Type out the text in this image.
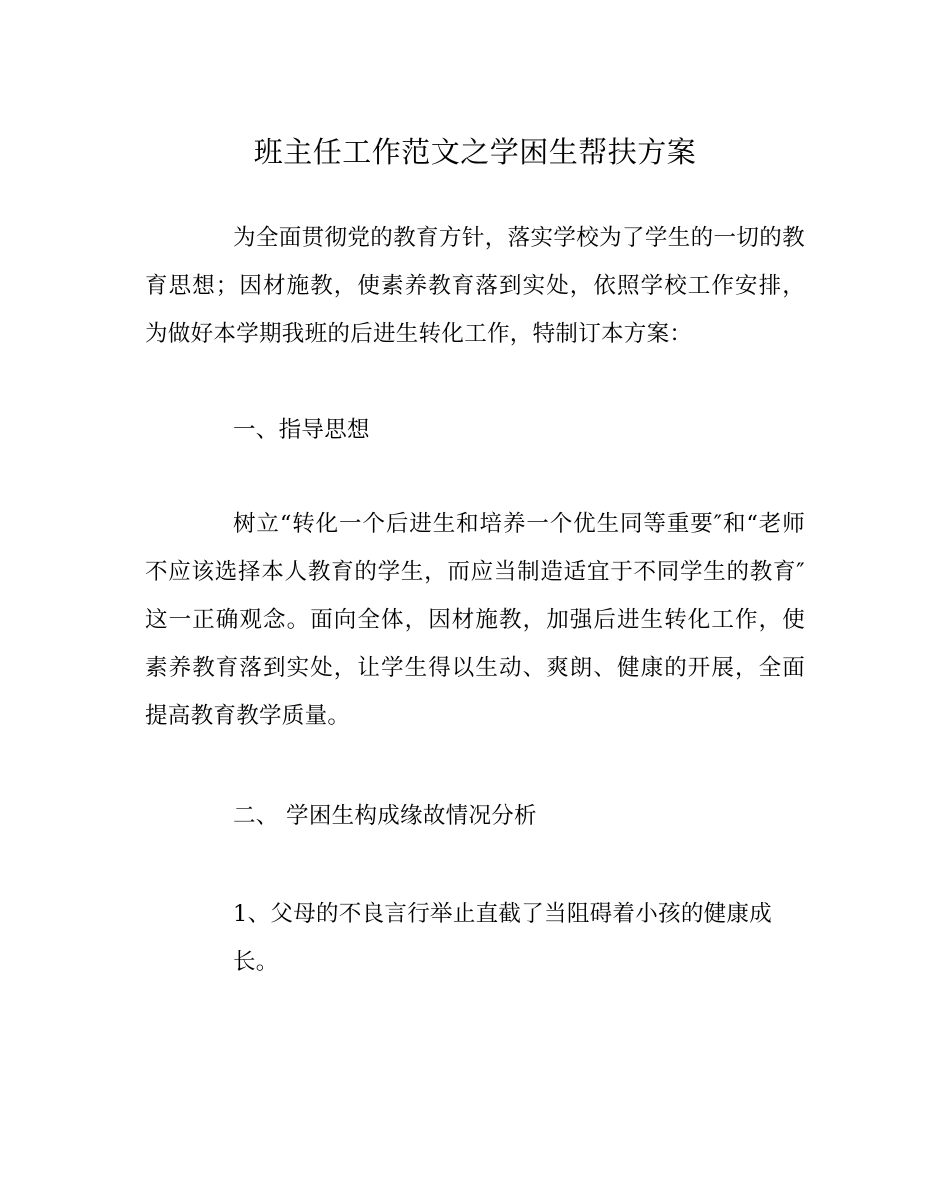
班主任工作范文之学困生帮扶方案

为全面贯彻党的教育方针，落实学校为了学生的一切的教育思想；因材施教，使素养教育落到实处，依照学校工作安排，为做好本学期我班的后进生转化工作，特制订本方案：

一、指导思想

树立“转化一个后进生和培养一个优生同等重要″和“老师不应该选择本人教育的学生，而应当制造适宜于不同学生的教育″这一正确观念。面向全体，因材施教，加强后进生转化工作，使素养教育落到实处，让学生得以生动、爽朗、健康的开展，全面提高教育教学质量。

二、 学困生构成缘故情况分析

1、父母的不良言行举止直截了当阻碍着小孩的健康成长。
